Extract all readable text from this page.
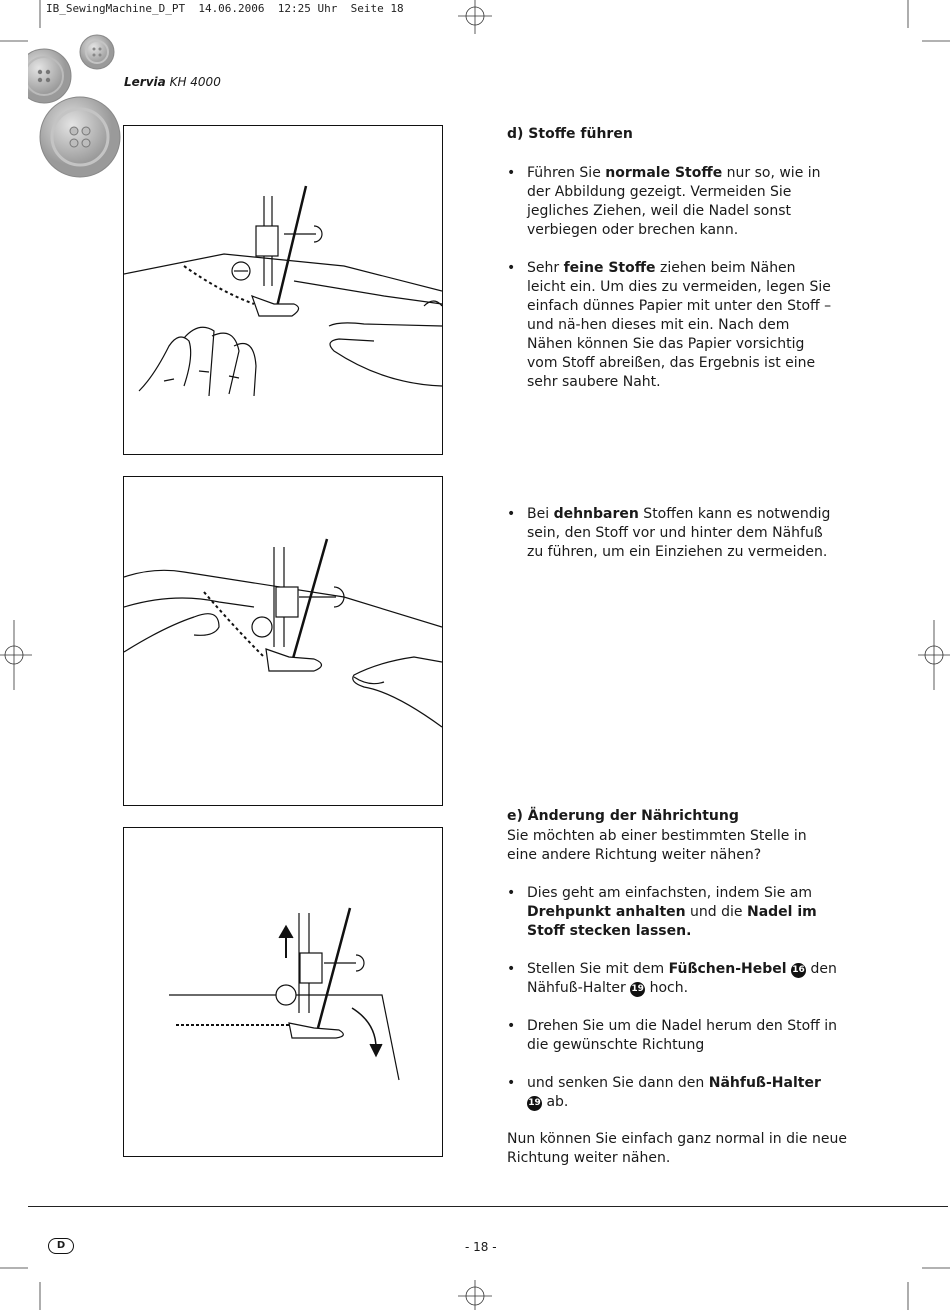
IB_SewingMachine_D_PT  14.06.2006  12:25 Uhr  Seite 18
Lervia KH 4000
d) Stoffe führen
• Führen Sie normale Stoffe nur so, wie in der Abbildung gezeigt. Vermeiden Sie jegliches Ziehen, weil die Nadel sonst verbiegen oder brechen kann.
• Sehr feine Stoffe ziehen beim Nähen leicht ein. Um dies zu vermeiden, legen Sie einfach dünnes Papier mit unter den Stoff – und nä-hen dieses mit ein. Nach dem Nähen können Sie das Papier vorsichtig vom Stoff abreißen, das Ergebnis ist eine sehr saubere Naht.
• Bei dehnbaren Stoffen kann es notwendig sein, den Stoff vor und hinter dem Nähfuß zu führen, um ein Einziehen zu vermeiden.
e) Änderung der Nährichtung
Sie möchten ab einer bestimmten Stelle in eine andere Richtung weiter nähen?
• Dies geht am einfachsten, indem Sie am Drehpunkt anhalten und die Nadel im Stoff stecken lassen.
• Stellen Sie mit dem Füßchen-Hebel 16 den Nähfuß-Halter 19 hoch.
• Drehen Sie um die Nadel herum den Stoff in die gewünschte Richtung
• und senken Sie dann den Nähfuß-Halter
19 ab.
Nun können Sie einfach ganz normal in die neue Richtung weiter nähen.
D	- 18 -
